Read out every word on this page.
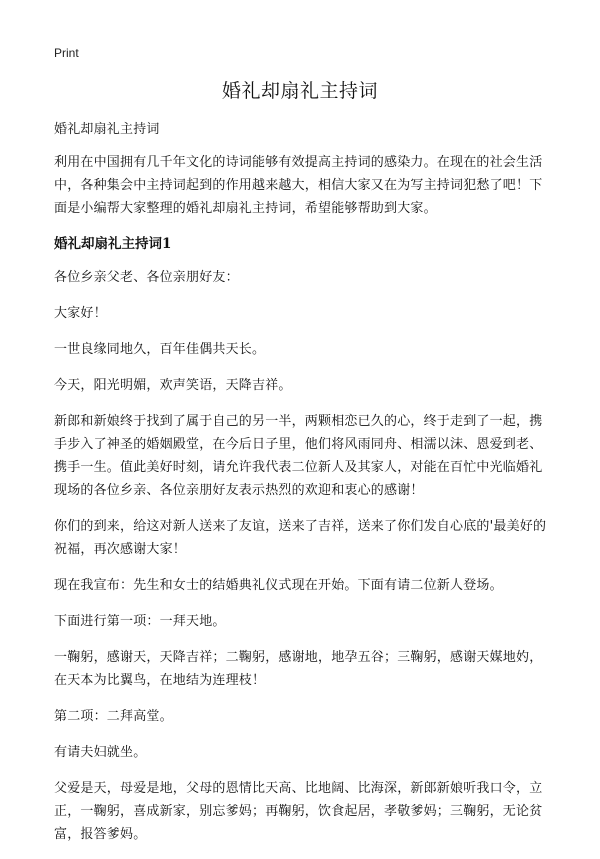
Print
婚礼却扇礼主持词

婚礼却扇礼主持词

利用在中国拥有几千年文化的诗词能够有效提高主持词的感染力。在现在的社会生活中，各种集会中主持词起到的作用越来越大，相信大家又在为写主持词犯愁了吧！下面是小编帮大家整理的婚礼却扇礼主持词，希望能够帮助到大家。

婚礼却扇礼主持词1

各位乡亲父老、各位亲朋好友：

大家好！

一世良缘同地久，百年佳偶共天长。

今天，阳光明媚，欢声笑语，天降吉祥。

新郎和新娘终于找到了属于自己的另一半，两颗相恋已久的心，终于走到了一起，携手步入了神圣的婚姻殿堂，在今后日子里，他们将风雨同舟、相濡以沫、恩爱到老、携手一生。值此美好时刻，请允许我代表二位新人及其家人，对能在百忙中光临婚礼现场的各位乡亲、各位亲朋好友表示热烈的欢迎和衷心的感谢！

你们的到来，给这对新人送来了友谊，送来了吉祥，送来了你们发自心底的'最美好的祝福，再次感谢大家！

现在我宣布：先生和女士的结婚典礼仪式现在开始。下面有请二位新人登场。

下面进行第一项：一拜天地。

一鞠躬，感谢天，天降吉祥；二鞠躬，感谢地，地孕五谷；三鞠躬，感谢天媒地妁，在天本为比翼鸟，在地结为连理枝！

第二项：二拜高堂。

有请夫妇就坐。

父爱是天，母爱是地，父母的恩情比天高、比地阔、比海深，新郎新娘听我口令，立正，一鞠躬，喜成新家，别忘爹妈；再鞠躬，饮食起居，孝敬爹妈；三鞠躬，无论贫富，报答爹妈。
